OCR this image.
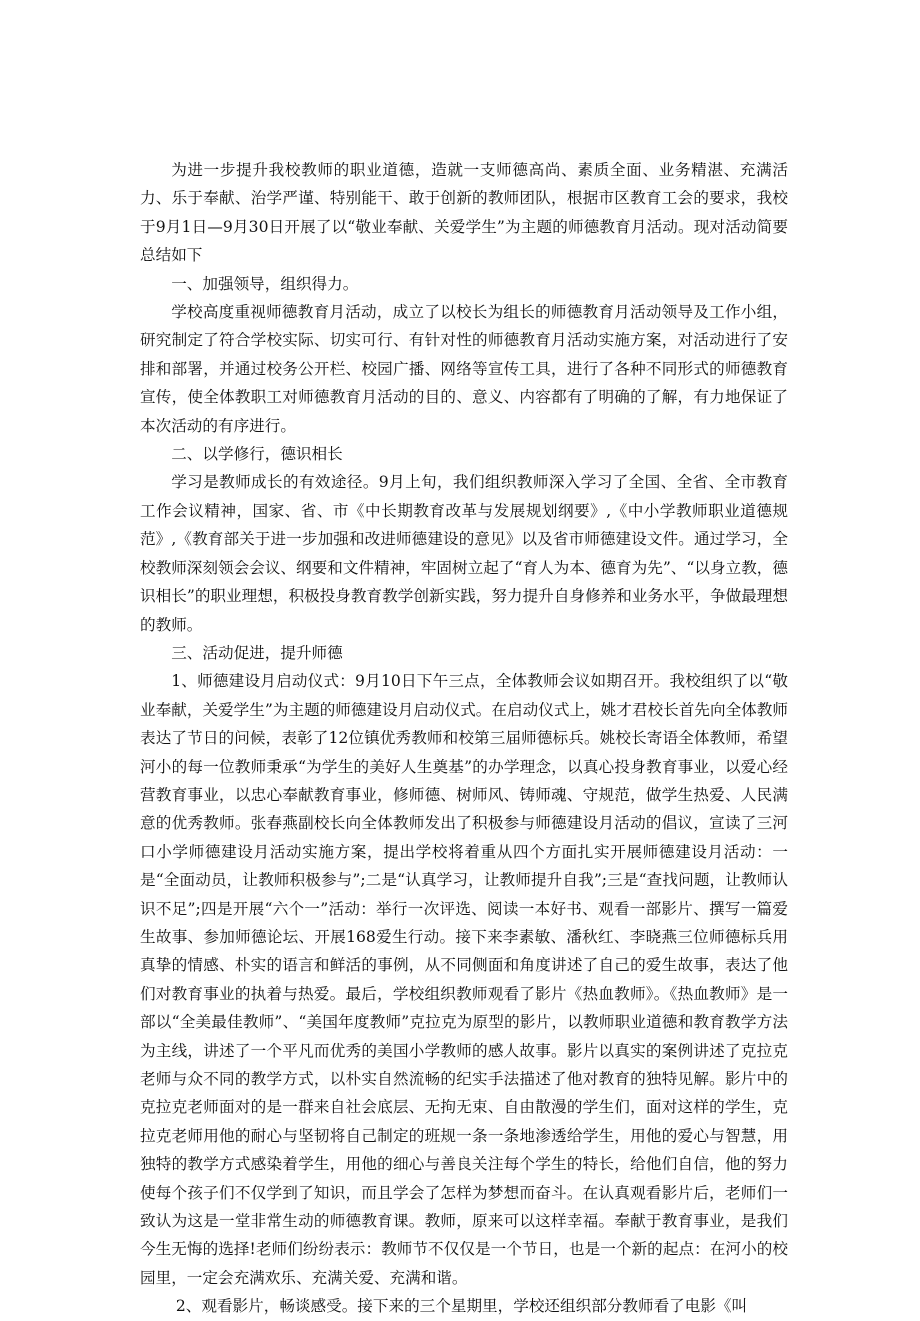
为进一步提升我校教师的职业道德，造就一支师德高尚、素质全面、业务精湛、充满活力、乐于奉献、治学严谨、特别能干、敢于创新的教师团队，根据市区教育工会的要求，我校于9月1日—9月30日开展了以“敬业奉献、关爱学生”为主题的师德教育月活动。现对活动简要总结如下

一、加强领导，组织得力。

学校高度重视师德教育月活动，成立了以校长为组长的师德教育月活动领导及工作小组，研究制定了符合学校实际、切实可行、有针对性的师德教育月活动实施方案，对活动进行了安排和部署，并通过校务公开栏、校园广播、网络等宣传工具，进行了各种不同形式的师德教育宣传，使全体教职工对师德教育月活动的目的、意义、内容都有了明确的了解，有力地保证了本次活动的有序进行。

二、以学修行，德识相长

学习是教师成长的有效途径。9月上旬，我们组织教师深入学习了全国、全省、全市教育工作会议精神，国家、省、市《中长期教育改革与发展规划纲要》,《中小学教师职业道德规范》,《教育部关于进一步加强和改进师德建设的意见》以及省市师德建设文件。通过学习，全校教师深刻领会会议、纲要和文件精神，牢固树立起了“育人为本、德育为先”、“以身立教，德识相长”的职业理想，积极投身教育教学创新实践，努力提升自身修养和业务水平，争做最理想的教师。

三、活动促进，提升师德

1、师德建设月启动仪式：9月10日下午三点，全体教师会议如期召开。我校组织了以“敬业奉献，关爱学生”为主题的师德建设月启动仪式。在启动仪式上，姚才君校长首先向全体教师表达了节日的问候，表彰了12位镇优秀教师和校第三届师德标兵。姚校长寄语全体教师，希望河小的每一位教师秉承“为学生的美好人生奠基”的办学理念，以真心投身教育事业，以爱心经营教育事业，以忠心奉献教育事业，修师德、树师风、铸师魂、守规范，做学生热爱、人民满意的优秀教师。张春燕副校长向全体教师发出了积极参与师德建设月活动的倡议，宣读了三河口小学师德建设月活动实施方案，提出学校将着重从四个方面扎实开展师德建设月活动：一是“全面动员，让教师积极参与”;二是“认真学习，让教师提升自我”;三是“查找问题，让教师认识不足”;四是开展“六个一”活动：举行一次评选、阅读一本好书、观看一部影片、撰写一篇爱生故事、参加师德论坛、开展168爱生行动。接下来李素敏、潘秋红、李晓燕三位师德标兵用真挚的情感、朴实的语言和鲜活的事例，从不同侧面和角度讲述了自己的爱生故事，表达了他们对教育事业的执着与热爱。最后，学校组织教师观看了影片《热血教师》。《热血教师》是一部以“全美最佳教师”、“美国年度教师”克拉克为原型的影片，以教师职业道德和教育教学方法为主线，讲述了一个平凡而优秀的美国小学教师的感人故事。影片以真实的案例讲述了克拉克老师与众不同的教学方式，以朴实自然流畅的纪实手法描述了他对教育的独特见解。影片中的克拉克老师面对的是一群来自社会底层、无拘无束、自由散漫的学生们，面对这样的学生，克拉克老师用他的耐心与坚韧将自己制定的班规一条一条地渗透给学生，用他的爱心与智慧，用独特的教学方式感染着学生，用他的细心与善良关注每个学生的特长，给他们自信，他的努力使每个孩子们不仅学到了知识，而且学会了怎样为梦想而奋斗。在认真观看影片后，老师们一致认为这是一堂非常生动的师德教育课。教师，原来可以这样幸福。奉献于教育事业，是我们今生无悔的选择!老师们纷纷表示：教师节不仅仅是一个节日，也是一个新的起点：在河小的校园里，一定会充满欢乐、充满关爱、充满和谐。

2、观看影片，畅谈感受。接下来的三个星期里，学校还组织部分教师看了电影《叫
